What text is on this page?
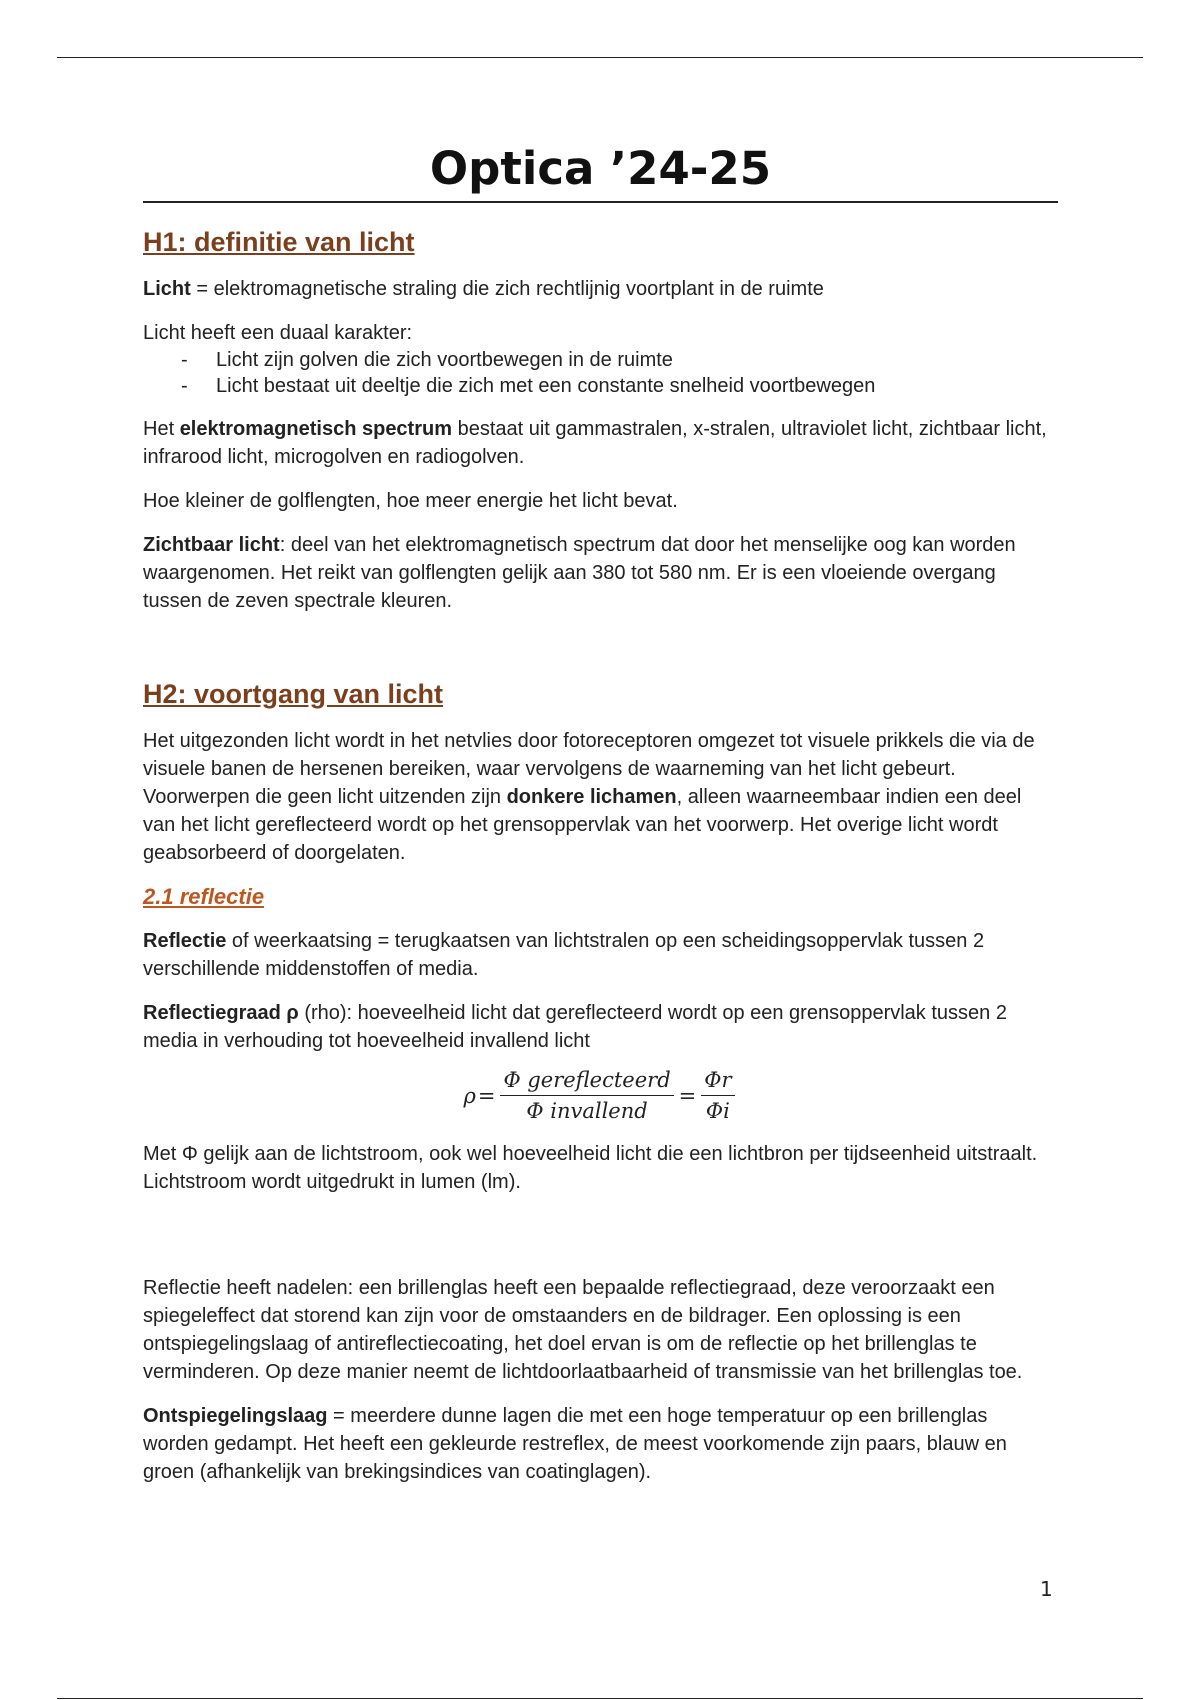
Optica ’24-25
H1: definitie van licht

Licht = elektromagnetische straling die zich rechtlijnig voortplant in de ruimte

Licht heeft een duaal karakter:

- Licht zijn golven die zich voortbewegen in de ruimte
- Licht bestaat uit deeltje die zich met een constante snelheid voortbewegen

Het elektromagnetisch spectrum bestaat uit gammastralen, x-stralen, ultraviolet licht, zichtbaar licht, infrarood licht, microgolven en radiogolven.

Hoe kleiner de golflengten, hoe meer energie het licht bevat.

Zichtbaar licht: deel van het elektromagnetisch spectrum dat door het menselijke oog kan worden waargenomen. Het reikt van golflengten gelijk aan 380 tot 580 nm. Er is een vloeiende overgang tussen de zeven spectrale kleuren.

H2: voortgang van licht

Het uitgezonden licht wordt in het netvlies door fotoreceptoren omgezet tot visuele prikkels die via de visuele banen de hersenen bereiken, waar vervolgens de waarneming van het licht gebeurt. Voorwerpen die geen licht uitzenden zijn donkere lichamen, alleen waarneembaar indien een deel van het licht gereflecteerd wordt op het grensoppervlak van het voorwerp. Het overige licht wordt geabsorbeerd of doorgelaten.

2.1 reflectie

Reflectie of weerkaatsing = terugkaatsen van lichtstralen op een scheidingsoppervlak tussen 2 verschillende middenstoffen of media.

Reflectiegraad ρ (rho): hoeveelheid licht dat gereflecteerd wordt op een grensoppervlak tussen 2 media in verhouding tot hoeveelheid invallend licht

$\rho = \frac{\text{Φ gereflecteerd}}{\text{Φ invallend}} = \frac{\Phi r}{\Phi i}$

Met Φ gelijk aan de lichtstroom, ook wel hoeveelheid licht die een lichtbron per tijdseenheid uitstraalt. Lichtstroom wordt uitgedrukt in lumen (lm).

Reflectie heeft nadelen: een brillenglas heeft een bepaalde reflectiegraad, deze veroorzaakt een spiegeleffect dat storend kan zijn voor de omstaanders en de bildrager. Een oplossing is een ontspiegelingslaag of antireflectiecoating, het doel ervan is om de reflectie op het brillenglas te verminderen. Op deze manier neemt de lichtdoorlaatbaarheid of transmissie van het brillenglas toe.

Ontspiegelingslaag = meerdere dunne lagen die met een hoge temperatuur op een brillenglas worden gedampt. Het heeft een gekleurde restreflex, de meest voorkomende zijn paars, blauw en groen (afhankelijk van brekingsindices van coatinglagen).

1
